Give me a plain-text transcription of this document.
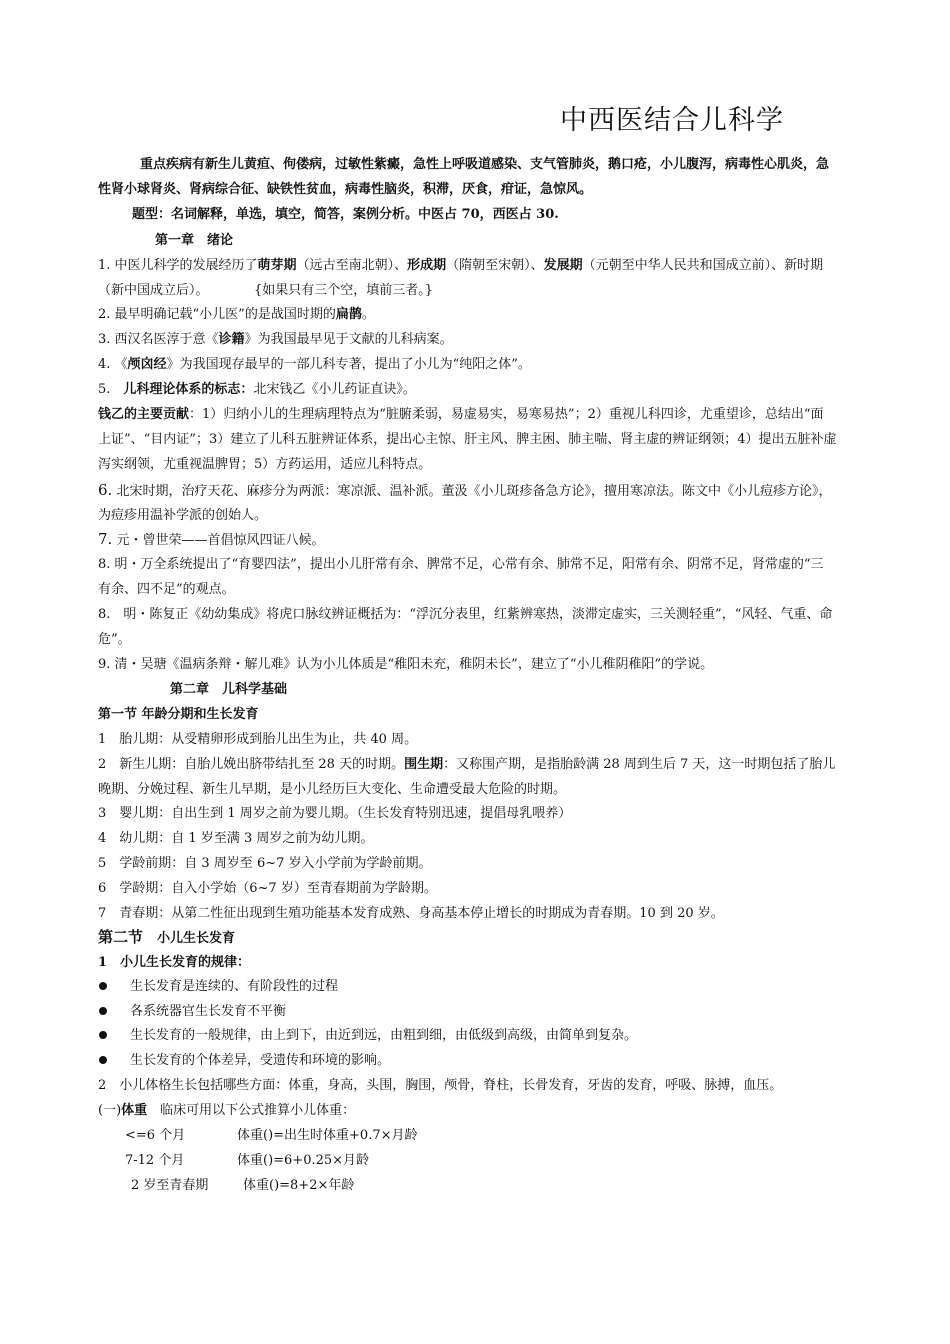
中西医结合儿科学
重点疾病有新生儿黄疸、佝偻病，过敏性紫癜，急性上呼吸道感染、支气管肺炎，鹅口疮，小儿腹泻，病毒性心肌炎，急
性肾小球肾炎、肾病综合征、缺铁性贫血，病毒性脑炎，积滞，厌食，疳证，急惊风。
题型：名词解释，单选，填空，简答，案例分析。中医占 70，西医占 30.
第一章　绪论
1. 中医儿科学的发展经历了萌芽期（远古至南北朝）、形成期（隋朝至宋朝）、发展期（元朝至中华人民共和国成立前）、新时期
（新中国成立后）。　　　　{如果只有三个空，填前三者。}
2. 最早明确记载“小儿医”的是战国时期的扁鹊。
3. 西汉名医淳于意《诊籍》为我国最早见于文献的儿科病案。
4. 《颅囟经》为我国现存最早的一部儿科专著，提出了小儿为“纯阳之体”。
5.　儿科理论体系的标志：北宋钱乙《小儿药证直诀》。
钱乙的主要贡献：1）归纳小儿的生理病理特点为“脏腑柔弱，易虚易实，易寒易热”；2）重视儿科四诊，尤重望诊，总结出“面
上证”、“目内证”；3）建立了儿科五脏辨证体系，提出心主惊、肝主风、脾主困、肺主喘、肾主虚的辨证纲领；4）提出五脏补虚
泻实纲领，尤重视温脾胃；5）方药运用，适应儿科特点。
6. 北宋时期，治疗天花、麻疹分为两派：寒凉派、温补派。董汲《小儿斑疹备急方论》，擅用寒凉法。陈文中《小儿痘疹方论》，
为痘疹用温补学派的创始人。
7. 元・曾世荣——首倡惊风四证八候。
8. 明・万全系统提出了“育婴四法”，提出小儿肝常有余、脾常不足，心常有余、肺常不足，阳常有余、阴常不足，肾常虚的“三
有余、四不足”的观点。
8.　明・陈复正《幼幼集成》将虎口脉纹辨证概括为：“浮沉分表里，红紫辨寒热，淡滞定虚实，三关测轻重”，“风轻、气重、命
危”。
9. 清・吴瑭《温病条辩・解儿难》认为小儿体质是“稚阳未充，稚阴未长”，建立了“小儿稚阴稚阳”的学说。
第二章　儿科学基础
第一节 年龄分期和生长发育
1　胎儿期：从受精卵形成到胎儿出生为止，共 40 周。
2　新生儿期：自胎儿娩出脐带结扎至 28 天的时期。围生期：又称围产期，是指胎龄满 28 周到生后 7 天，这一时期包括了胎儿
晚期、分娩过程、新生儿早期，是小儿经历巨大变化、生命遭受最大危险的时期。
3　婴儿期：自出生到 1 周岁之前为婴儿期。（生长发育特别迅速，提倡母乳喂养）
4　幼儿期：自 1 岁至满 3 周岁之前为幼儿期。
5　学龄前期：自 3 周岁至 6~7 岁入小学前为学龄前期。
6　学龄期：自入小学始（6~7 岁）至青春期前为学龄期。
7　青春期：从第二性征出现到生殖功能基本发育成熟、身高基本停止增长的时期成为青春期。10 到 20 岁。
第二节 小儿生长发育
1　小儿生长发育的规律：
生长发育是连续的、有阶段性的过程
各系统器官生长发育不平衡
生长发育的一般规律，由上到下，由近到远，由粗到细，由低级到高级，由简单到复杂。
生长发育的个体差异，受遗传和环境的影响。
2　小儿体格生长包括哪些方面：体重，身高，头围，胸围，颅骨，脊柱，长骨发育，牙齿的发育，呼吸、脉搏，血压。
(一)体重　临床可用以下公式推算小儿体重：
<=6 个月	体重()=出生时体重+0.7×月龄
7-12 个月	体重()=6+0.25×月龄
2 岁至青春期	体重()=8+2×年龄
